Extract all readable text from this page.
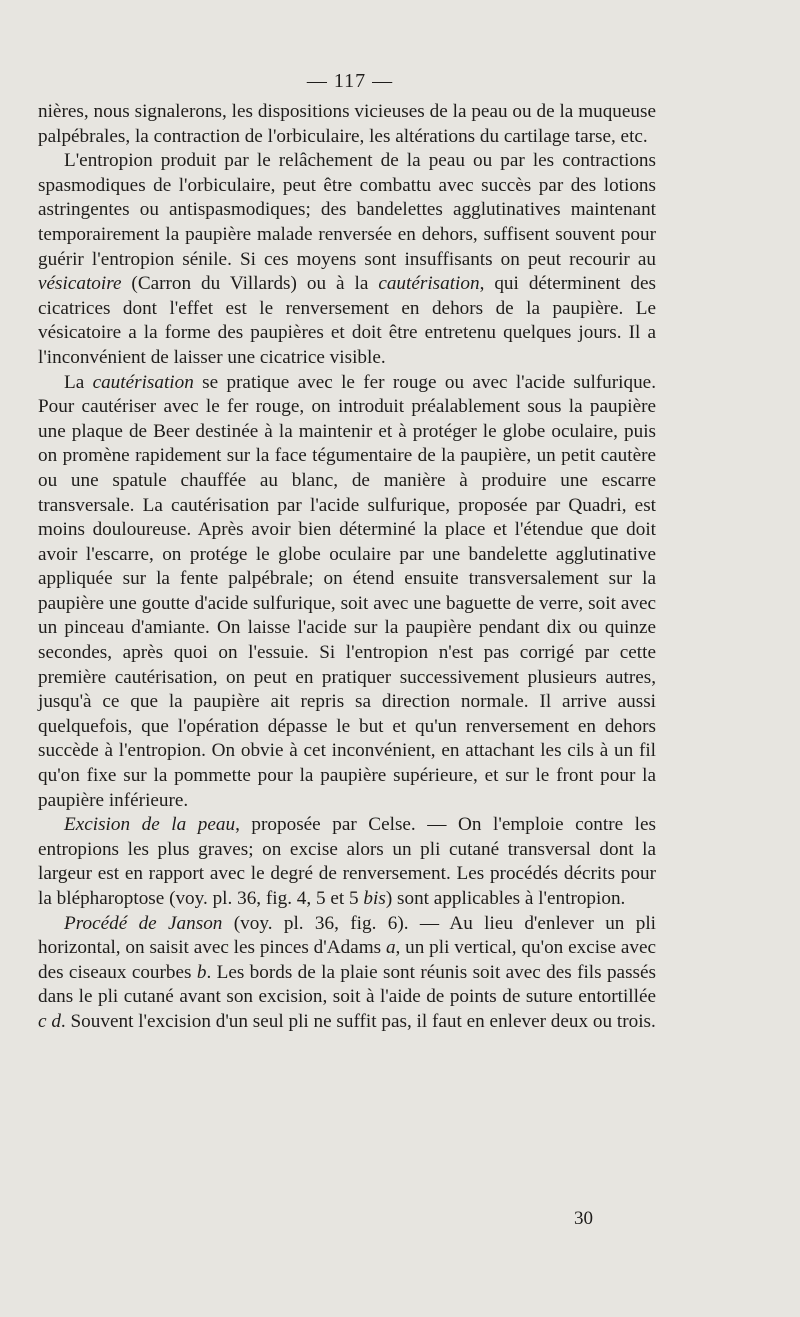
— 117 —

nières, nous signalerons, les dispositions vicieuses de la peau ou de la muqueuse palpébrales, la contraction de l'orbiculaire, les altérations du cartilage tarse, etc.

L'entropion produit par le relâchement de la peau ou par les contractions spasmodiques de l'orbiculaire, peut être combattu avec succès par des lotions astringentes ou antispasmodiques; des bandelettes agglutinatives maintenant temporairement la paupière malade renversée en dehors, suffisent souvent pour guérir l'entropion sénile. Si ces moyens sont insuffisants on peut recourir au vésicatoire (Carron du Villards) ou à la cautérisation, qui déterminent des cicatrices dont l'effet est le renversement en dehors de la paupière. Le vésicatoire a la forme des paupières et doit être entretenu quelques jours. Il a l'inconvénient de laisser une cicatrice visible.

La cautérisation se pratique avec le fer rouge ou avec l'acide sulfurique. Pour cautériser avec le fer rouge, on introduit préalablement sous la paupière une plaque de Beer destinée à la maintenir et à protéger le globe oculaire, puis on promène rapidement sur la face tégumentaire de la paupière, un petit cautère ou une spatule chauffée au blanc, de manière à produire une escarre transversale. La cautérisation par l'acide sulfurique, proposée par Quadri, est moins douloureuse. Après avoir bien déterminé la place et l'étendue que doit avoir l'escarre, on protége le globe oculaire par une bandelette agglutinative appliquée sur la fente palpébrale; on étend ensuite transversalement sur la paupière une goutte d'acide sulfurique, soit avec une baguette de verre, soit avec un pinceau d'amiante. On laisse l'acide sur la paupière pendant dix ou quinze secondes, après quoi on l'essuie. Si l'entropion n'est pas corrigé par cette première cautérisation, on peut en pratiquer successivement plusieurs autres, jusqu'à ce que la paupière ait repris sa direction normale. Il arrive aussi quelquefois, que l'opération dépasse le but et qu'un renversement en dehors succède à l'entropion. On obvie à cet inconvénient, en attachant les cils à un fil qu'on fixe sur la pommette pour la paupière supérieure, et sur le front pour la paupière inférieure.

Excision de la peau, proposée par Celse. — On l'emploie contre les entropions les plus graves; on excise alors un pli cutané transversal dont la largeur est en rapport avec le degré de renversement. Les procédés décrits pour la blépharoptose (voy. pl. 36, fig. 4, 5 et 5 bis) sont applicables à l'entropion.

Procédé de Janson (voy. pl. 36, fig. 6). — Au lieu d'enlever un pli horizontal, on saisit avec les pinces d'Adams a, un pli vertical, qu'on excise avec des ciseaux courbes b. Les bords de la plaie sont réunis soit avec des fils passés dans le pli cutané avant son excision, soit à l'aide de points de suture entortillée c d. Souvent l'excision d'un seul pli ne suffit pas, il faut en enlever deux ou trois.

30
